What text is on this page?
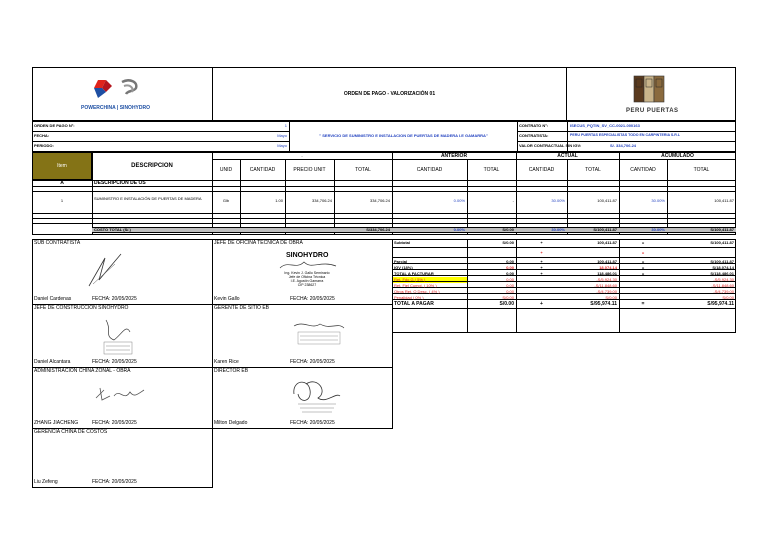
POWERCHINA | SINOHYDRO
ORDEN DE PAGO - VALORIZACIÓN 01
PERU PUERTAS
ORDEN DE PAGO N°:	1
FECHA:	Mayo
PERIODO:	Mayo
" SERVICIO DE SUMINISTRO E INSTALACION DE PUERTAS DE MADERA I.E GAMARRA"
CONTRATO N°:	ISECUS_PQTIN_SV_CC-0021-000163
CONTRATISTA:	PERU PUERTAS ESPECIALISTAS TODO EN CARPINTERIA S.R.L
VALOR CONTRACTUAL SIN IGV:	S/. 334,706.24
Item	DESCRIPCION
-	ANTERIOR	ACTUAL	ACUMULADO
UNID	CANTIDAD	PRECIO UNIT	TOTAL	CANTIDAD	TOTAL	CANTIDAD	TOTAL	CANTIDAD	TOTAL
A	DESCRIPCION DE OS
1	SUMINISTRO E INSTALACIÓN DE PUERTAS DE MADERA	Glb	1.00	334,706.24	334,706.24	0.00%	-	30.00%	100,411.87	30.00%	100,411.87
COSTO TOTAL (S/.)	S/334,706.24	0.00%	S/0.00	30.00%	S/100,411.87	30.00%	S/100,411.87
Subtotal	S/0.00	+	100,411.87	=	S/100,411.87
+	=
Parcial	0.00	+	100,411.87	=	S/100,411.87
IGV (18%)	0.00	+	18,074.14	=	S/18,074.14
TOTAL A FACTURAR	0.00	+	118,486.01	=	S/118,486.01
Ret. Fdo G ( 5% )	0.00	-S/5,924.30	-S/5,924.30
Ret. Fiel Cumpl. ( 10% )	0.00	-S/11,848.60	-S/11,848.60
Otros Ret. O Desc. ( 4% )	0.00	-S/4,739.00	-S/4,739.00
Penalidad ( 0% )	S/0.00	S/0.00	S/0.00
TOTAL A PAGAR	S/0.00	+	S/95,974.11	=	S/95,974.11
SUB CONTRATISTA
Daniel Cardenas	FECHA: 20/05/2025
JEFE DE OFICINA TÉCNICA DE OBRA
SINOHYDRO
Ing. Kevin J. Gallo Seminario
Jefe de Oficina Técnica
I.E. Agustín Gamarra
CIP 238627
Kevin Gallo	FECHA: 20/05/2025
JEFE DE CONSTRUCCIÓN SINOHYDRO
Daniel Alcantara	FECHA: 20/05/2025
GERENTE DE SITIO EB
Karen Rice	FECHA: 20/05/2025
ADMINISTRACIÓN CHINA ZONAL - OBRA
ZHANG JIACHENG	FECHA: 20/05/2025
DIRECTOR EB
Milton Delgado	FECHA: 20/05/2025
GERENCIA CHINA DE COSTOS
Liu Zefeng	FECHA: 20/05/2025
